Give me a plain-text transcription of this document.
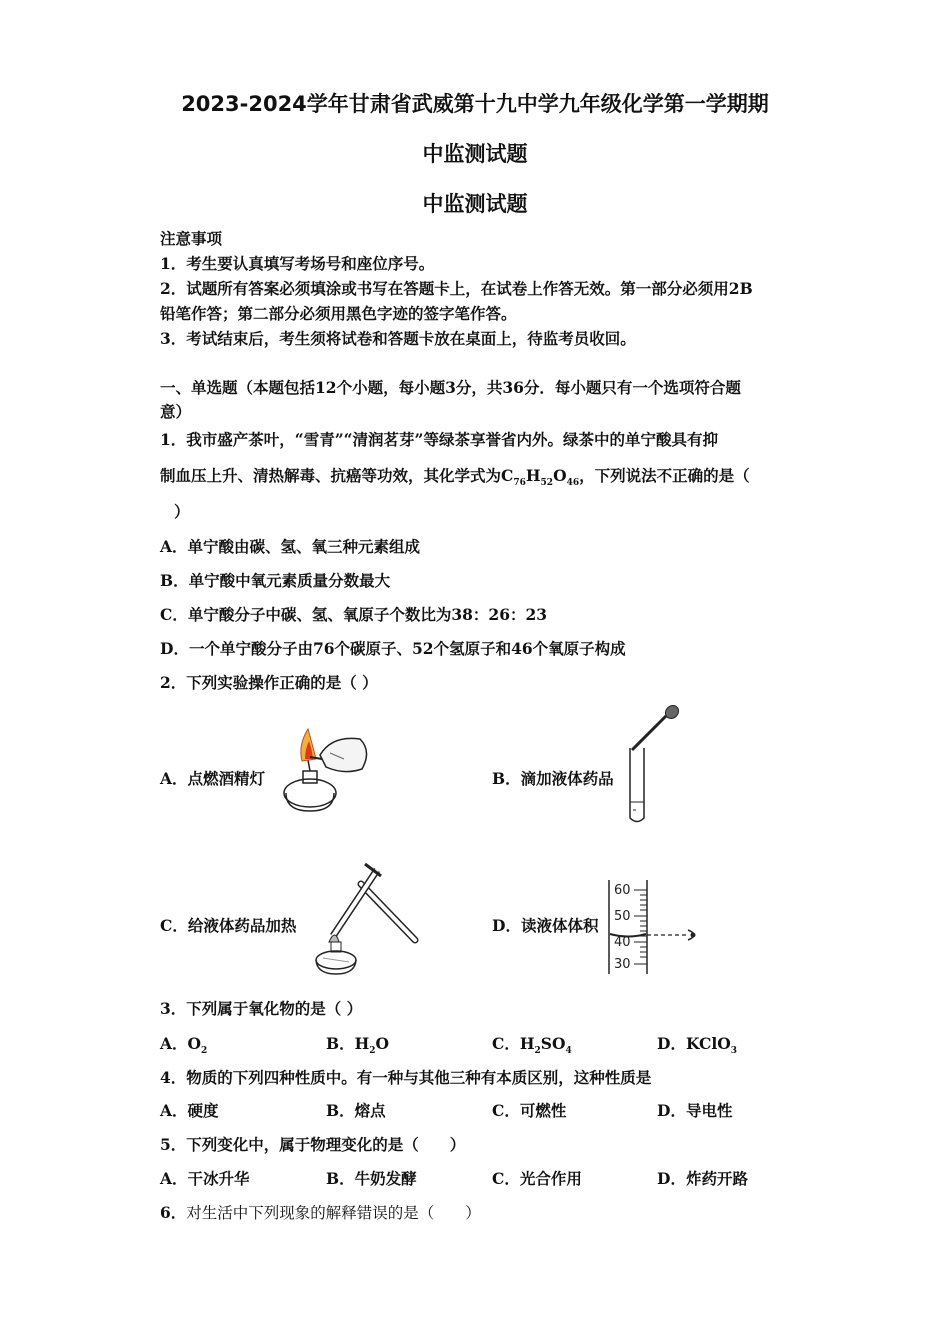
2023-2024学年甘肃省武威第十九中学九年级化学第一学期期
中监测试题
中监测试题
注意事项
1．考生要认真填写考场号和座位序号。
2．试题所有答案必须填涂或书写在答题卡上，在试卷上作答无效。第一部分必须用2B
铅笔作答；第二部分必须用黑色字迹的签字笔作答。
3．考试结束后，考生须将试卷和答题卡放在桌面上，待监考员收回。
一、单选题（本题包括12个小题，每小题3分，共36分．每小题只有一个选项符合题
意）
1．我市盛产茶叶，“雪青”“清润茗芽”等绿茶享誉省内外。绿茶中的单宁酸具有抑
制血压上升、清热解毒、抗癌等功效，其化学式为$C_{76}H_{52}O_{46}$，下列说法不正确的是（
）
A．单宁酸由碳、氢、氧三种元素组成
B．单宁酸中氧元素质量分数最大
C．单宁酸分子中碳、氢、氧原子个数比为38：26：23
D．一个单宁酸分子由76个碳原子、52个氢原子和46个氧原子构成
2．下列实验操作正确的是（ ）
A．点燃酒精灯	B．滴加液体药品
C．给液体药品加热	D．读液体体积
60
50
40
30
3．下列属于氧化物的是（ ）
A．$O_2$	B．$H_2O$	C．$H_2SO_4$	D．KClO$_3$
4．物质的下列四种性质中。有一种与其他三种有本质区别，这种性质是
A．硬度	B．熔点	C．可燃性	D．导电性
5．下列变化中，属于物理变化的是（　　）
A．干冰升华	B．牛奶发酵	C．光合作用	D．炸药开路
6．对生活中下列现象的解释错误的是（　　）
